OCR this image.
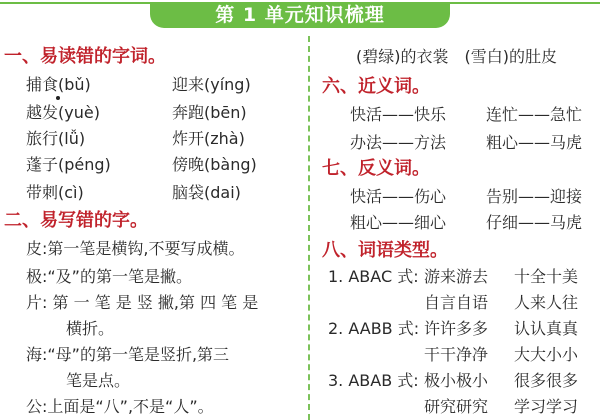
第 1 单元知识梳理
一、易读错的字词。
捕食(bǔ)	迎来(yíng)
越发(yuè)	奔跑(bēn)
旅行(lǚ)	炸开(zhà)
蓬子(péng)	傍晚(bàng)
带刺(cì)	脑袋(dai)
二、易写错的字。
皮:第一笔是横钩,不要写成横。
极:“及”的第一笔是撇。
片: 第 一 笔 是 竖 撇,第 四 笔 是
横折。
海:“母”的第一笔是竖折,第三
笔是点。
公:上面是“八”,不是“人”。
(碧绿)的衣裳　(雪白)的肚皮
六、近义词。
快活——快乐 连忙——急忙
办法——方法 粗心——马虎
七、反义词。
快活——伤心 告别——迎接
粗心——细心 仔细——马虎
八、词语类型。
1. ABAC 式: 游来游去 十全十美
自言自语 人来人往
2. AABB 式: 许许多多 认认真真
干干净净 大大小小
3. ABAB 式: 极小极小 很多很多
研究研究 学习学习
